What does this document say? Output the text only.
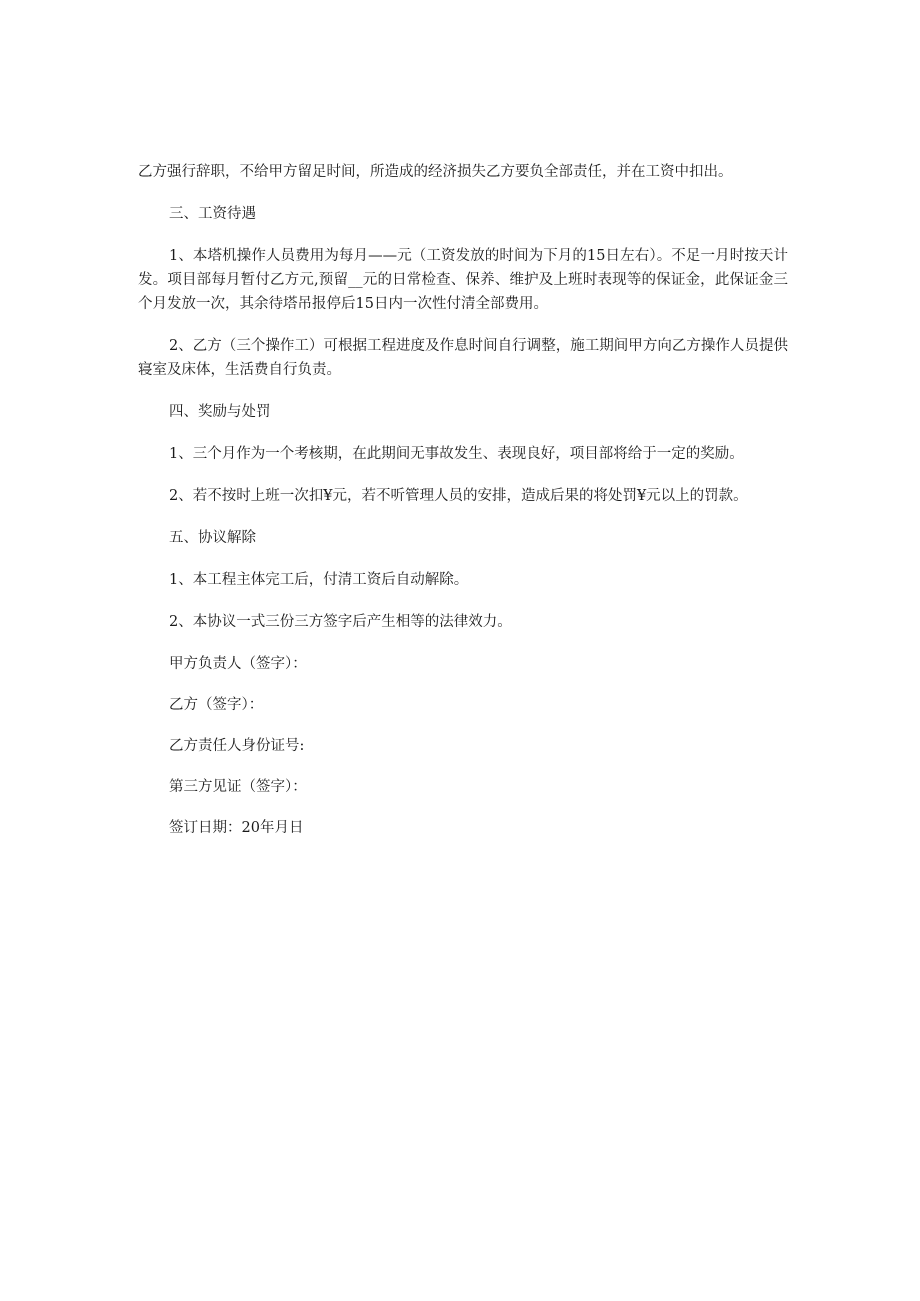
乙方强行辞职，不给甲方留足时间，所造成的经济损失乙方要负全部责任，并在工资中扣出。

三、工资待遇

1、本塔机操作人员费用为每月——元（工资发放的时间为下月的15日左右）。不足一月时按天计发。项目部每月暂付乙方元,预留__元的日常检查、保养、维护及上班时表现等的保证金，此保证金三个月发放一次，其余待塔吊报停后15日内一次性付清全部费用。

2、乙方（三个操作工）可根据工程进度及作息时间自行调整，施工期间甲方向乙方操作人员提供寝室及床体，生活费自行负责。

四、奖励与处罚

1、三个月作为一个考核期，在此期间无事故发生、表现良好，项目部将给于一定的奖励。

2、若不按时上班一次扣¥元，若不听管理人员的安排，造成后果的将处罚¥元以上的罚款。

五、协议解除

1、本工程主体完工后，付清工资后自动解除。

2、本协议一式三份三方签字后产生相等的法律效力。

甲方负责人（签字）：

乙方（签字）：

乙方责任人身份证号:

第三方见证（签字）：

签订日期：20年月日
